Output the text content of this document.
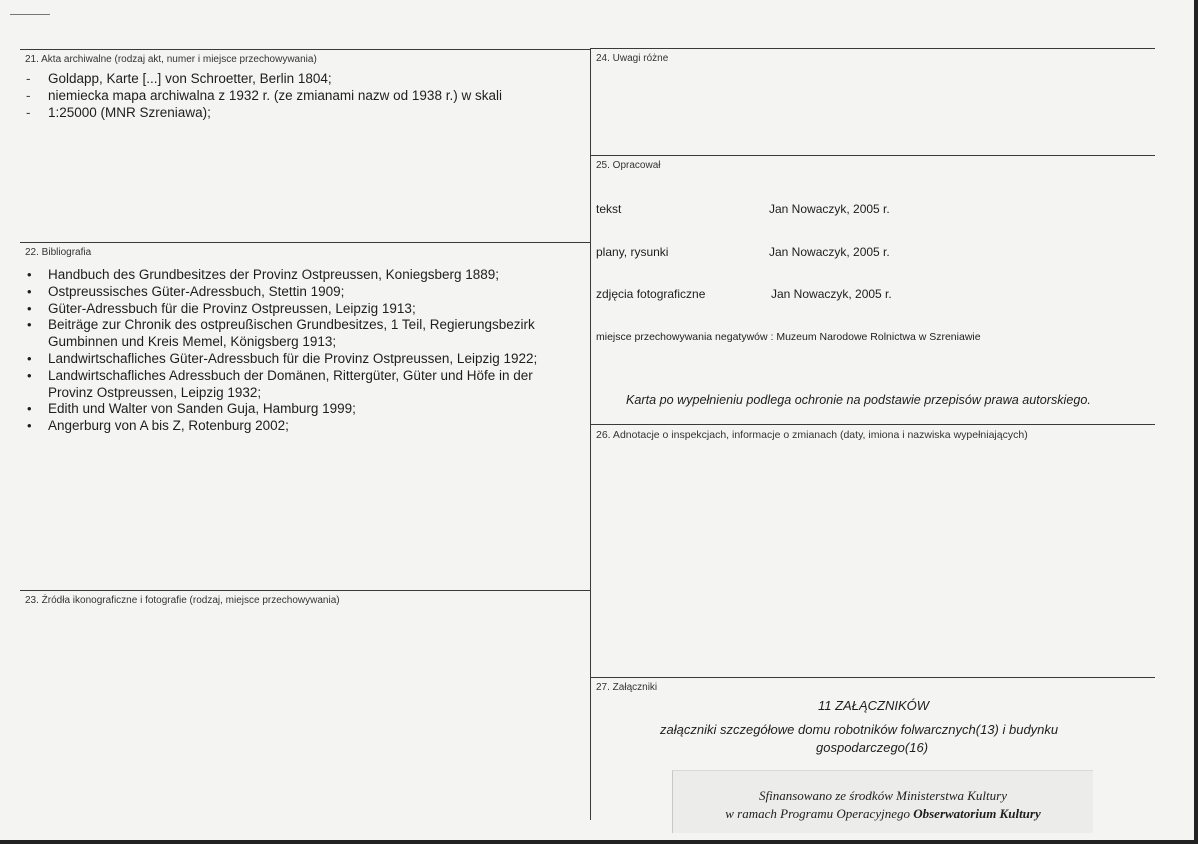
21. Akta archiwalne (rodzaj akt, numer i miejsce przechowywania)
- Goldapp, Karte [...] von Schroetter, Berlin 1804;
- niemiecka mapa archiwalna z 1932 r. (ze zmianami nazw od 1938 r.) w skali
- 1:25000 (MNR Szreniawa);
22. Bibliografia
• Handbuch des Grundbesitzes der Provinz Ostpreussen, Koniegsberg 1889;
• Ostpreussisches Güter-Adressbuch, Stettin 1909;
• Güter-Adressbuch für die Provinz Ostpreussen, Leipzig 1913;
• Beiträge zur Chronik des ostpreußischen Grundbesitzes, 1 Teil, Regierungsbezirk
Gumbinnen und Kreis Memel, Königsberg 1913;
• Landwirtschafliches Güter-Adressbuch für die Provinz Ostpreussen, Leipzig 1922;
• Landwirtschafliches Adressbuch der Domänen, Rittergüter, Güter und Höfe in der
Provinz Ostpreussen, Leipzig 1932;
• Edith und Walter von Sanden Guja, Hamburg 1999;
• Angerburg von A bis Z, Rotenburg 2002;
23. Źródła ikonograficzne i fotografie (rodzaj, miejsce przechowywania)
24. Uwagi różne
25. Opracował
tekst	Jan Nowaczyk, 2005 r.
plany, rysunki	Jan Nowaczyk, 2005 r.
zdjęcia fotograficzne	Jan Nowaczyk, 2005 r.
miejsce przechowywania negatywów : Muzeum Narodowe Rolnictwa w Szreniawie
Karta po wypełnieniu podlega ochronie na podstawie przepisów prawa autorskiego.
26. Adnotacje o inspekcjach, informacje o zmianach (daty, imiona i nazwiska wypełniających)
27. Załączniki
11 ZAŁĄCZNIKÓW
załączniki szczegółowe domu robotników folwarcznych(13) i budynku
gospodarczego(16)
Sfinansowano ze środków Ministerstwa Kultury
w ramach Programu Operacyjnego Obserwatorium Kultury
